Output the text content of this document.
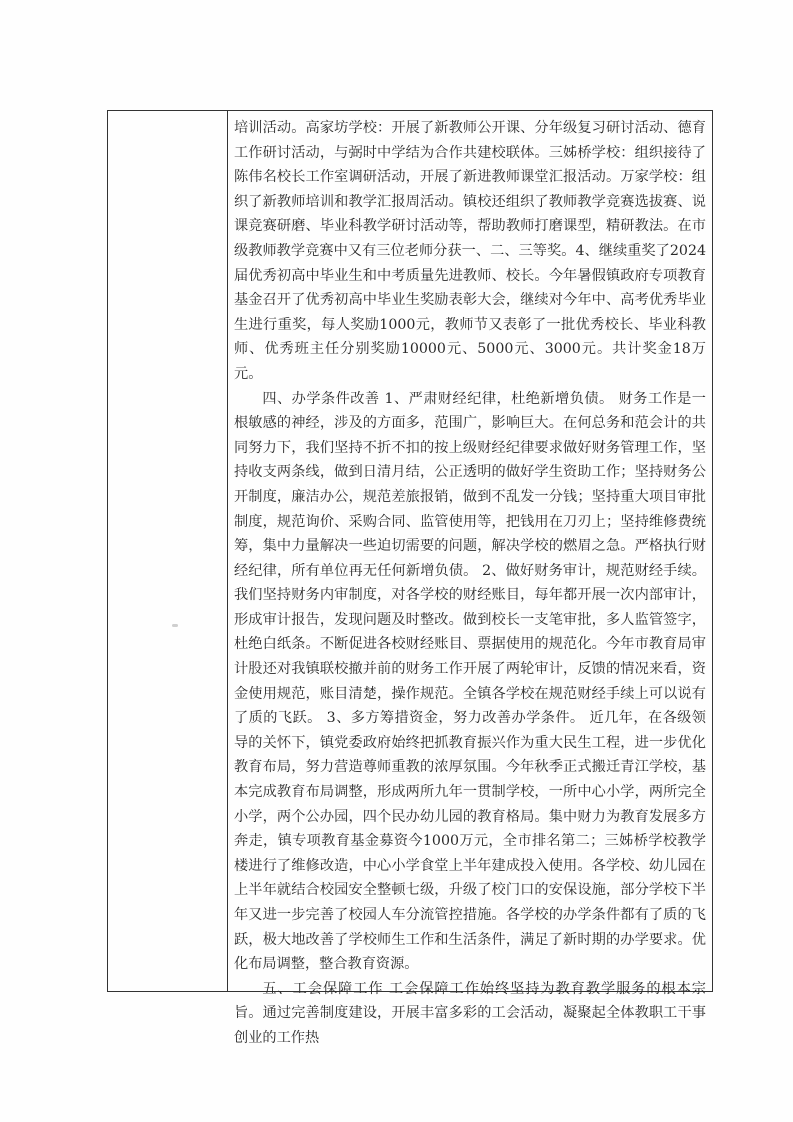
培训活动。高家坊学校：开展了新教师公开课、分年级复习研讨活动、德育工作研讨活动，与弼时中学结为合作共建校联体。三姊桥学校：组织接待了陈伟名校长工作室调研活动，开展了新进教师课堂汇报活动。万家学校：组织了新教师培训和教学汇报周活动。镇校还组织了教师教学竞赛选拔赛、说课竞赛研磨、毕业科教学研讨活动等，帮助教师打磨课型，精研教法。在市级教师教学竞赛中又有三位老师分获一、二、三等奖。4、继续重奖了2024届优秀初高中毕业生和中考质量先进教师、校长。今年暑假镇政府专项教育基金召开了优秀初高中毕业生奖励表彰大会，继续对今年中、高考优秀毕业生进行重奖，每人奖励1000元，教师节又表彰了一批优秀校长、毕业科教师、优秀班主任分别奖励10000元、5000元、3000元。共计奖金18万元。

四、办学条件改善 1、严肃财经纪律，杜绝新增负债。 财务工作是一根敏感的神经，涉及的方面多，范围广，影响巨大。在何总务和范会计的共同努力下，我们坚持不折不扣的按上级财经纪律要求做好财务管理工作，坚持收支两条线，做到日清月结，公正透明的做好学生资助工作；坚持财务公开制度，廉洁办公，规范差旅报销，做到不乱发一分钱；坚持重大项目审批制度，规范询价、采购合同、监管使用等，把钱用在刀刃上；坚持维修费统筹，集中力量解决一些迫切需要的问题，解决学校的燃眉之急。严格执行财经纪律，所有单位再无任何新增负债。 2、做好财务审计，规范财经手续。 我们坚持财务内审制度，对各学校的财经账目，每年都开展一次内部审计，形成审计报告，发现问题及时整改。做到校长一支笔审批，多人监管签字，杜绝白纸条。不断促进各校财经账目、票据使用的规范化。今年市教育局审计股还对我镇联校撤并前的财务工作开展了两轮审计，反馈的情况来看，资金使用规范，账目清楚，操作规范。全镇各学校在规范财经手续上可以说有了质的飞跃。 3、多方筹措资金，努力改善办学条件。 近几年，在各级领导的关怀下，镇党委政府始终把抓教育振兴作为重大民生工程，进一步优化教育布局，努力营造尊师重教的浓厚氛围。今年秋季正式搬迁青江学校，基本完成教育布局调整，形成两所九年一贯制学校，一所中心小学，两所完全小学，两个公办园，四个民办幼儿园的教育格局。集中财力为教育发展多方奔走，镇专项教育基金募资今1000万元，全市排名第二；三姊桥学校教学楼进行了维修改造，中心小学食堂上半年建成投入使用。各学校、幼儿园在上半年就结合校园安全整顿七级，升级了校门口的安保设施，部分学校下半年又进一步完善了校园人车分流管控措施。各学校的办学条件都有了质的飞跃，极大地改善了学校师生工作和生活条件，满足了新时期的办学要求。优化布局调整，整合教育资源。

五、工会保障工作 工会保障工作始终坚持为教育教学服务的根本宗旨。通过完善制度建设，开展丰富多彩的工会活动，凝聚起全体教职工干事创业的工作热
